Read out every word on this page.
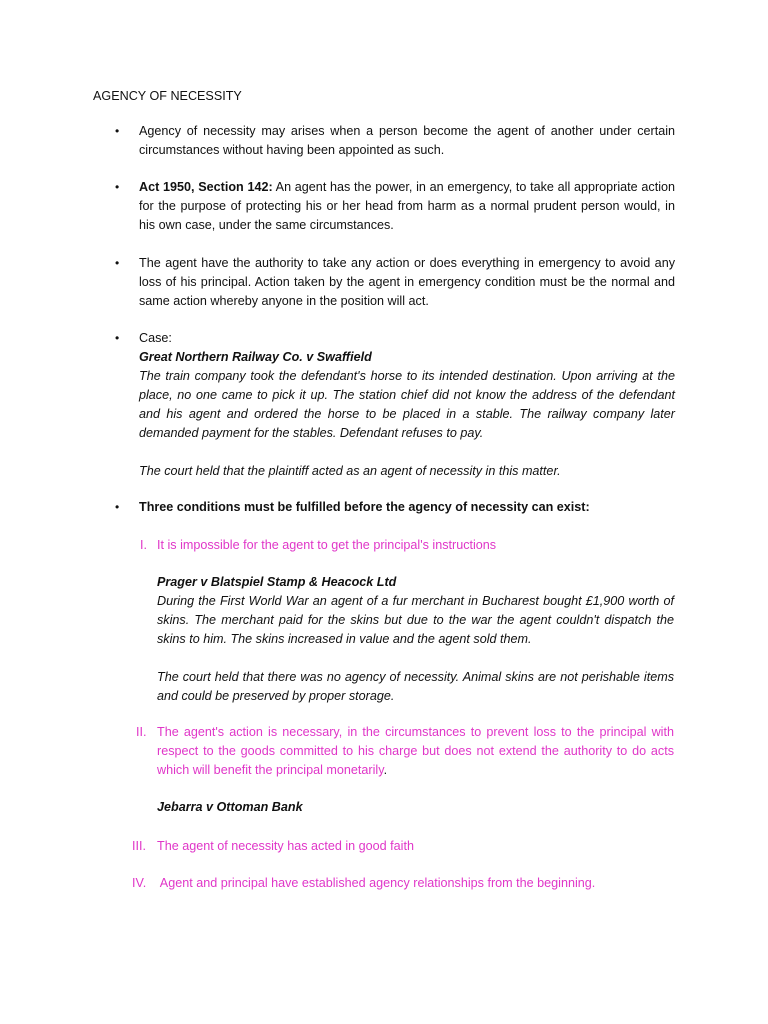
AGENCY OF NECESSITY
•	Agency of necessity may arises when a person become the agent of another under certain circumstances without having been appointed as such.

•	Act 1950, Section 142: An agent has the power, in an emergency, to take all appropriate action for the purpose of protecting his or her head from harm as a normal prudent person would, in his own case, under the same circumstances.

•	The agent have the authority to take any action or does everything in emergency to avoid any loss of his principal. Action taken by the agent in emergency condition must be the normal and same action whereby anyone in the position will act.

•	Case:

Great Northern Railway Co. v Swaffield

The train company took the defendant's horse to its intended destination. Upon arriving at the place, no one came to pick it up. The station chief did not know the address of the defendant and his agent and ordered the horse to be placed in a stable. The railway company later demanded payment for the stables. Defendant refuses to pay.

The court held that the plaintiff acted as an agent of necessity in this matter.

•	Three conditions must be fulfilled before the agency of necessity can exist:

I. It is impossible for the agent to get the principal's instructions

Prager v Blatspiel Stamp & Heacock Ltd

During the First World War an agent of a fur merchant in Bucharest bought £1,900 worth of skins. The merchant paid for the skins but due to the war the agent couldn't dispatch the skins to him. The skins increased in value and the agent sold them.

The court held that there was no agency of necessity. Animal skins are not perishable items and could be preserved by proper storage.

II. The agent's action is necessary, in the circumstances to prevent loss to the principal with respect to the goods committed to his charge but does not extend the authority to do acts which will benefit the principal monetarily.

Jebarra v Ottoman Bank

III. The agent of necessity has acted in good faith

IV. Agent and principal have established agency relationships from the beginning.
